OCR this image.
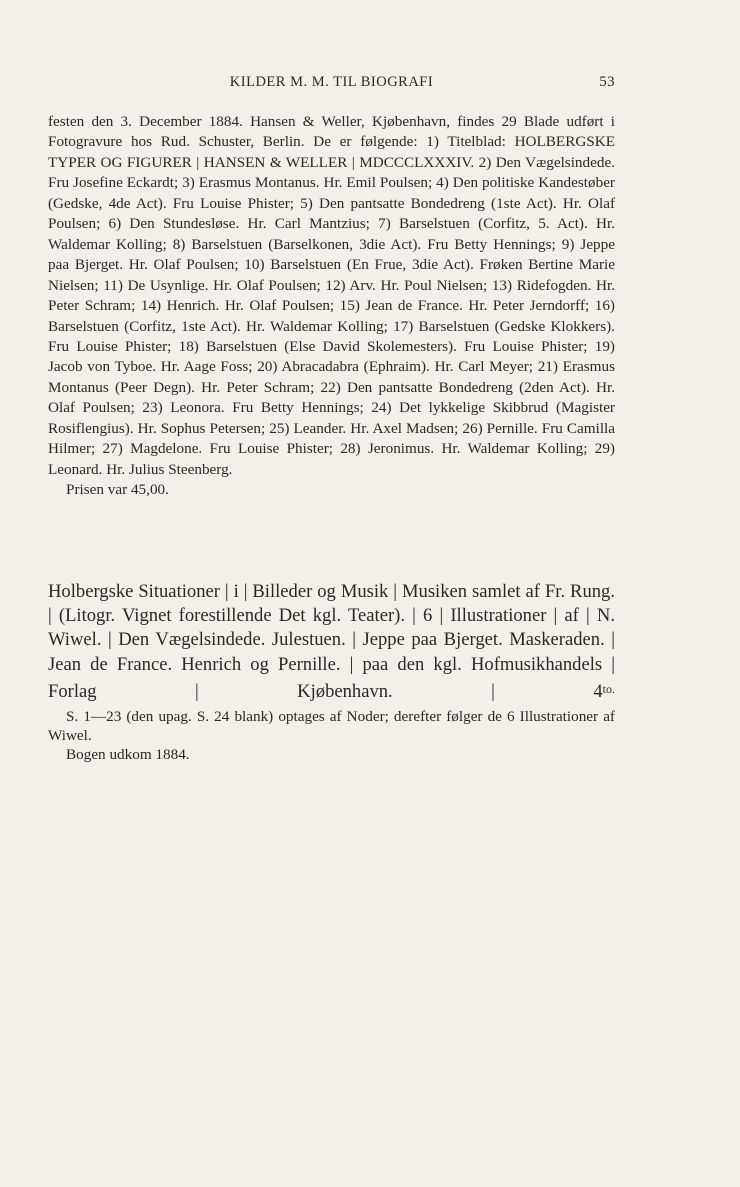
KILDER M. M. TIL BIOGRAFI	53

festen den 3. December 1884. Hansen & Weller, Kjøbenhavn, findes 29 Blade udført i Fotogravure hos Rud. Schuster, Berlin. De er følgende: 1) Titelblad: HOLBERGSKE TYPER OG FIGURER | HANSEN & WELLER | MDCCCLXXXIV. 2) Den Vægelsindede. Fru Josefine Eckardt; 3) Erasmus Montanus. Hr. Emil Poulsen; 4) Den politiske Kandestøber (Gedske, 4de Act). Fru Louise Phister; 5) Den pantsatte Bondedreng (1ste Act). Hr. Olaf Poulsen; 6) Den Stundesløse. Hr. Carl Mantzius; 7) Barselstuen (Corfitz, 5. Act). Hr. Waldemar Kolling; 8) Barselstuen (Barselkonen, 3die Act). Fru Betty Hennings; 9) Jeppe paa Bjerget. Hr. Olaf Poulsen; 10) Barselstuen (En Frue, 3die Act). Frøken Bertine Marie Nielsen; 11) De Usynlige. Hr. Olaf Poulsen; 12) Arv. Hr. Poul Nielsen; 13) Ridefogden. Hr. Peter Schram; 14) Henrich. Hr. Olaf Poulsen; 15) Jean de France. Hr. Peter Jerndorff; 16) Barselstuen (Corfitz, 1ste Act). Hr. Waldemar Kolling; 17) Barselstuen (Gedske Klokkers). Fru Louise Phister; 18) Barselstuen (Else David Skolemesters). Fru Louise Phister; 19) Jacob von Tyboe. Hr. Aage Foss; 20) Abracadabra (Ephraim). Hr. Carl Meyer; 21) Erasmus Montanus (Peer Degn). Hr. Peter Schram; 22) Den pantsatte Bondedreng (2den Act). Hr. Olaf Poulsen; 23) Leonora. Fru Betty Hennings; 24) Det lykkelige Skibbrud (Magister Rosiflengius). Hr. Sophus Petersen; 25) Leander. Hr. Axel Madsen; 26) Pernille. Fru Camilla Hilmer; 27) Magdelone. Fru Louise Phister; 28) Jeronimus. Hr. Waldemar Kolling; 29) Leonard. Hr. Julius Steenberg.
Prisen var 45,00.

Holbergske Situationer | i | Billeder og Musik | Musiken samlet af Fr. Rung. | (Litogr. Vignet forestillende Det kgl. Teater). | 6 | Illustrationer | af | N. Wiwel. | Den Vægelsindede. Julestuen. | Jeppe paa Bjerget. Maskeraden. | Jean de France. Henrich og Pernille. | paa den kgl. Hofmusikhandels | Forlag | Kjøbenhavn. | $4^{to.}$

S. 1—23 (den upag. S. 24 blank) optages af Noder; derefter følger de 6 Illustrationer af Wiwel.
Bogen udkom 1884.
